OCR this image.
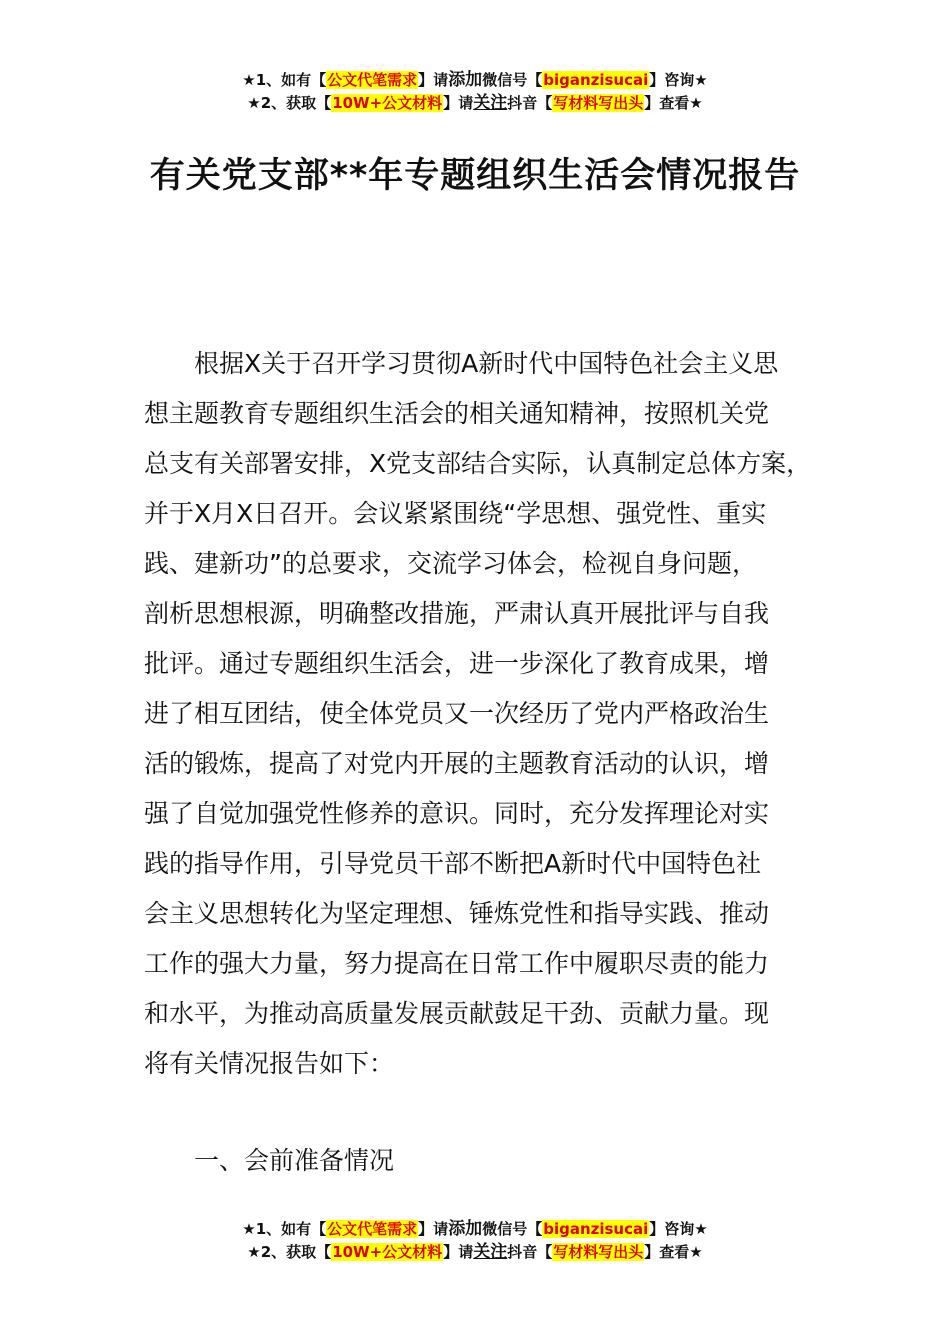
★1、如有【公文代笔需求】请添加微信号【biganzisucai】咨询★
★2、获取【10W+公文材料】请关注抖音【写材料写出头】查看★
有关党支部**年专题组织生活会情况报告
根据X关于召开学习贯彻A新时代中国特色社会主义思
想主题教育专题组织生活会的相关通知精神，按照机关党
总支有关部署安排，X党支部结合实际，认真制定总体方案，
并于X月X日召开。会议紧紧围绕“学思想、强党性、重实
践、建新功”的总要求，交流学习体会，检视自身问题，
剖析思想根源，明确整改措施，严肃认真开展批评与自我
批评。通过专题组织生活会，进一步深化了教育成果，增
进了相互团结，使全体党员又一次经历了党内严格政治生
活的锻炼，提高了对党内开展的主题教育活动的认识，增
强了自觉加强党性修养的意识。同时，充分发挥理论对实
践的指导作用，引导党员干部不断把A新时代中国特色社
会主义思想转化为坚定理想、锤炼党性和指导实践、推动
工作的强大力量，努力提高在日常工作中履职尽责的能力
和水平，为推动高质量发展贡献鼓足干劲、贡献力量。现
将有关情况报告如下：
一、会前准备情况
★1、如有【公文代笔需求】请添加微信号【biganzisucai】咨询★
★2、获取【10W+公文材料】请关注抖音【写材料写出头】查看★
